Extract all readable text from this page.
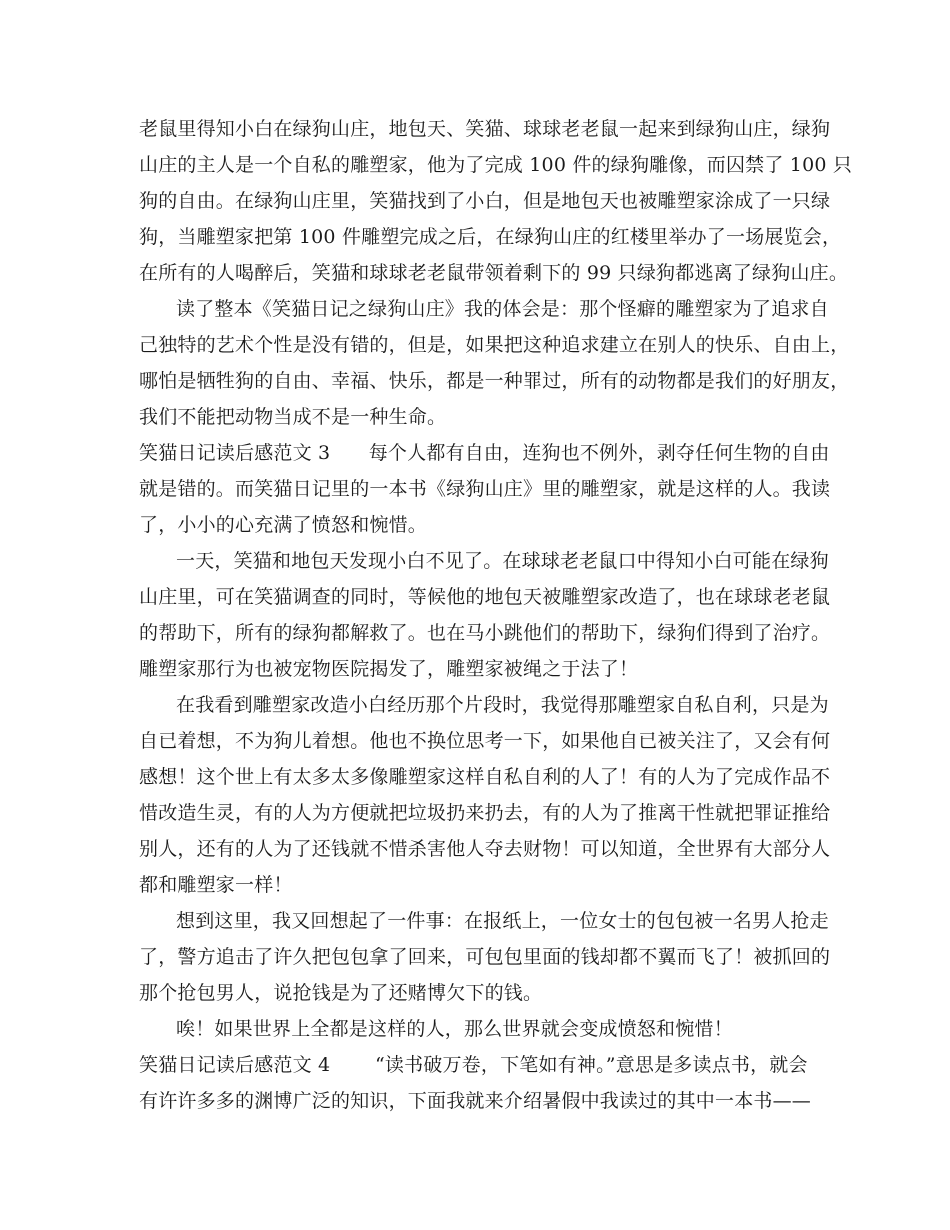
老鼠里得知小白在绿狗山庄，地包天、笑猫、球球老老鼠一起来到绿狗山庄，绿狗
山庄的主人是一个自私的雕塑家，他为了完成 100 件的绿狗雕像，而囚禁了 100 只
狗的自由。在绿狗山庄里，笑猫找到了小白，但是地包天也被雕塑家涂成了一只绿
狗，当雕塑家把第 100 件雕塑完成之后，在绿狗山庄的红楼里举办了一场展览会，
在所有的人喝醉后，笑猫和球球老老鼠带领着剩下的 99 只绿狗都逃离了绿狗山庄。
读了整本《笑猫日记之绿狗山庄》我的体会是：那个怪癖的雕塑家为了追求自
己独特的艺术个性是没有错的，但是，如果把这种追求建立在别人的快乐、自由上，
哪怕是牺牲狗的自由、幸福、快乐，都是一种罪过，所有的动物都是我们的好朋友，
我们不能把动物当成不是一种生命。
笑猫日记读后感范文 3　　每个人都有自由，连狗也不例外，剥夺任何生物的自由
就是错的。而笑猫日记里的一本书《绿狗山庄》里的雕塑家，就是这样的人。我读
了，小小的心充满了愤怒和惋惜。
一天，笑猫和地包天发现小白不见了。在球球老老鼠口中得知小白可能在绿狗
山庄里，可在笑猫调查的同时，等候他的地包天被雕塑家改造了，也在球球老老鼠
的帮助下，所有的绿狗都解救了。也在马小跳他们的帮助下，绿狗们得到了治疗。
雕塑家那行为也被宠物医院揭发了，雕塑家被绳之于法了！
在我看到雕塑家改造小白经历那个片段时，我觉得那雕塑家自私自利，只是为
自已着想，不为狗儿着想。他也不换位思考一下，如果他自已被关注了，又会有何
感想！这个世上有太多太多像雕塑家这样自私自利的人了！有的人为了完成作品不
惜改造生灵，有的人为方便就把垃圾扔来扔去，有的人为了推离干性就把罪证推给
别人，还有的人为了还钱就不惜杀害他人夺去财物！可以知道，全世界有大部分人
都和雕塑家一样！
想到这里，我又回想起了一件事：在报纸上，一位女士的包包被一名男人抢走
了，警方追击了许久把包包拿了回来，可包包里面的钱却都不翼而飞了！被抓回的
那个抢包男人，说抢钱是为了还赌博欠下的钱。
唉！如果世界上全都是这样的人，那么世界就会变成愤怒和惋惜！
笑猫日记读后感范文 4　　 “读书破万卷，下笔如有神。”意思是多读点书，就会
有许许多多的渊博广泛的知识，下面我就来介绍暑假中我读过的其中一本书——
